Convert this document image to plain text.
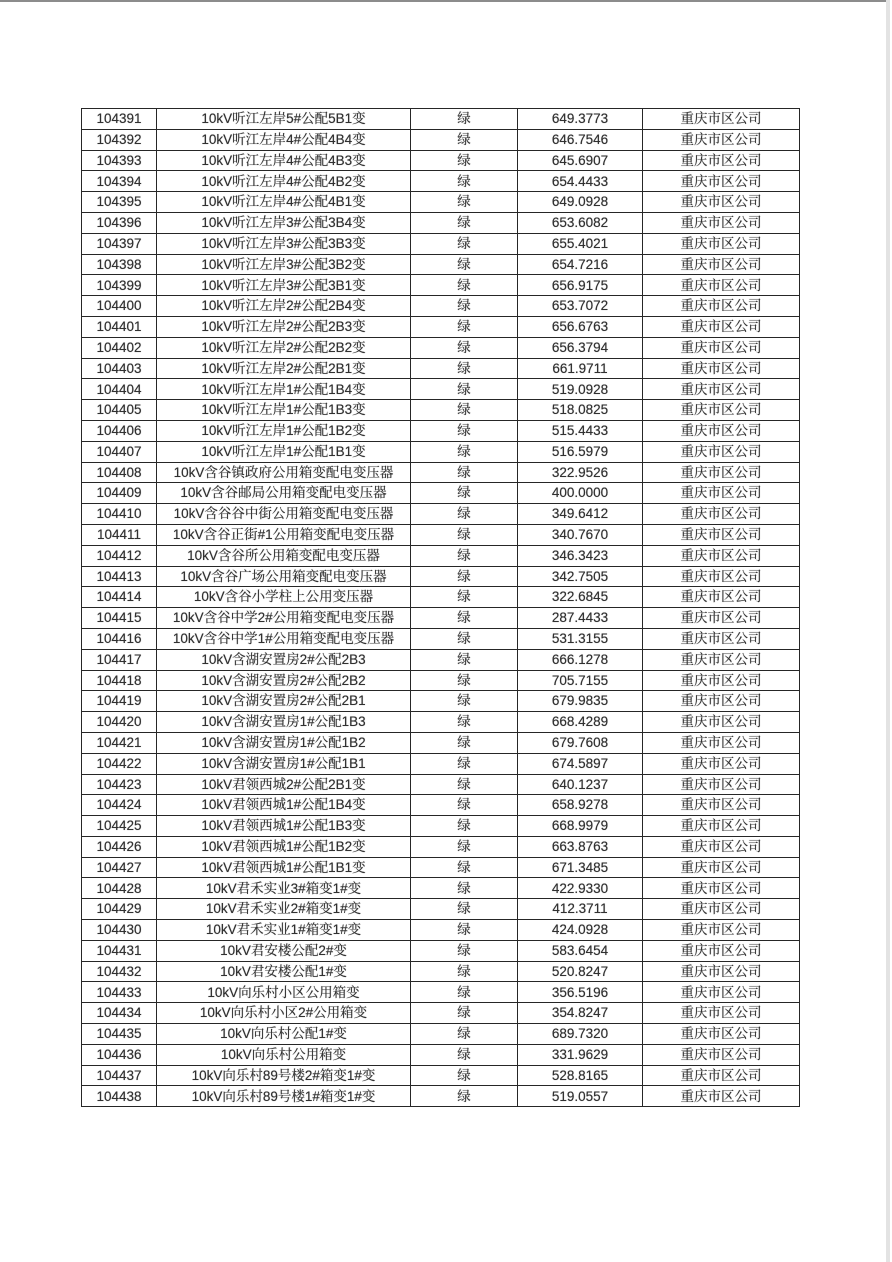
104391	10kV听江左岸5#公配5B1变	绿	649.3773	重庆市区公司
104392	10kV听江左岸4#公配4B4变	绿	646.7546	重庆市区公司
104393	10kV听江左岸4#公配4B3变	绿	645.6907	重庆市区公司
104394	10kV听江左岸4#公配4B2变	绿	654.4433	重庆市区公司
104395	10kV听江左岸4#公配4B1变	绿	649.0928	重庆市区公司
104396	10kV听江左岸3#公配3B4变	绿	653.6082	重庆市区公司
104397	10kV听江左岸3#公配3B3变	绿	655.4021	重庆市区公司
104398	10kV听江左岸3#公配3B2变	绿	654.7216	重庆市区公司
104399	10kV听江左岸3#公配3B1变	绿	656.9175	重庆市区公司
104400	10kV听江左岸2#公配2B4变	绿	653.7072	重庆市区公司
104401	10kV听江左岸2#公配2B3变	绿	656.6763	重庆市区公司
104402	10kV听江左岸2#公配2B2变	绿	656.3794	重庆市区公司
104403	10kV听江左岸2#公配2B1变	绿	661.9711	重庆市区公司
104404	10kV听江左岸1#公配1B4变	绿	519.0928	重庆市区公司
104405	10kV听江左岸1#公配1B3变	绿	518.0825	重庆市区公司
104406	10kV听江左岸1#公配1B2变	绿	515.4433	重庆市区公司
104407	10kV听江左岸1#公配1B1变	绿	516.5979	重庆市区公司
104408	10kV含谷镇政府公用箱变配电变压器	绿	322.9526	重庆市区公司
104409	10kV含谷邮局公用箱变配电变压器	绿	400.0000	重庆市区公司
104410	10kV含谷谷中街公用箱变配电变压器	绿	349.6412	重庆市区公司
104411	10kV含谷正街#1公用箱变配电变压器	绿	340.7670	重庆市区公司
104412	10kV含谷所公用箱变配电变压器	绿	346.3423	重庆市区公司
104413	10kV含谷广场公用箱变配电变压器	绿	342.7505	重庆市区公司
104414	10kV含谷小学柱上公用变压器	绿	322.6845	重庆市区公司
104415	10kV含谷中学2#公用箱变配电变压器	绿	287.4433	重庆市区公司
104416	10kV含谷中学1#公用箱变配电变压器	绿	531.3155	重庆市区公司
104417	10kV含湖安置房2#公配2B3	绿	666.1278	重庆市区公司
104418	10kV含湖安置房2#公配2B2	绿	705.7155	重庆市区公司
104419	10kV含湖安置房2#公配2B1	绿	679.9835	重庆市区公司
104420	10kV含湖安置房1#公配1B3	绿	668.4289	重庆市区公司
104421	10kV含湖安置房1#公配1B2	绿	679.7608	重庆市区公司
104422	10kV含湖安置房1#公配1B1	绿	674.5897	重庆市区公司
104423	10kV君领西城2#公配2B1变	绿	640.1237	重庆市区公司
104424	10kV君领西城1#公配1B4变	绿	658.9278	重庆市区公司
104425	10kV君领西城1#公配1B3变	绿	668.9979	重庆市区公司
104426	10kV君领西城1#公配1B2变	绿	663.8763	重庆市区公司
104427	10kV君领西城1#公配1B1变	绿	671.3485	重庆市区公司
104428	10kV君禾实业3#箱变1#变	绿	422.9330	重庆市区公司
104429	10kV君禾实业2#箱变1#变	绿	412.3711	重庆市区公司
104430	10kV君禾实业1#箱变1#变	绿	424.0928	重庆市区公司
104431	10kV君安楼公配2#变	绿	583.6454	重庆市区公司
104432	10kV君安楼公配1#变	绿	520.8247	重庆市区公司
104433	10kV向乐村小区公用箱变	绿	356.5196	重庆市区公司
104434	10kV向乐村小区2#公用箱变	绿	354.8247	重庆市区公司
104435	10kV向乐村公配1#变	绿	689.7320	重庆市区公司
104436	10kV向乐村公用箱变	绿	331.9629	重庆市区公司
104437	10kV向乐村89号楼2#箱变1#变	绿	528.8165	重庆市区公司
104438	10kV向乐村89号楼1#箱变1#变	绿	519.0557	重庆市区公司
